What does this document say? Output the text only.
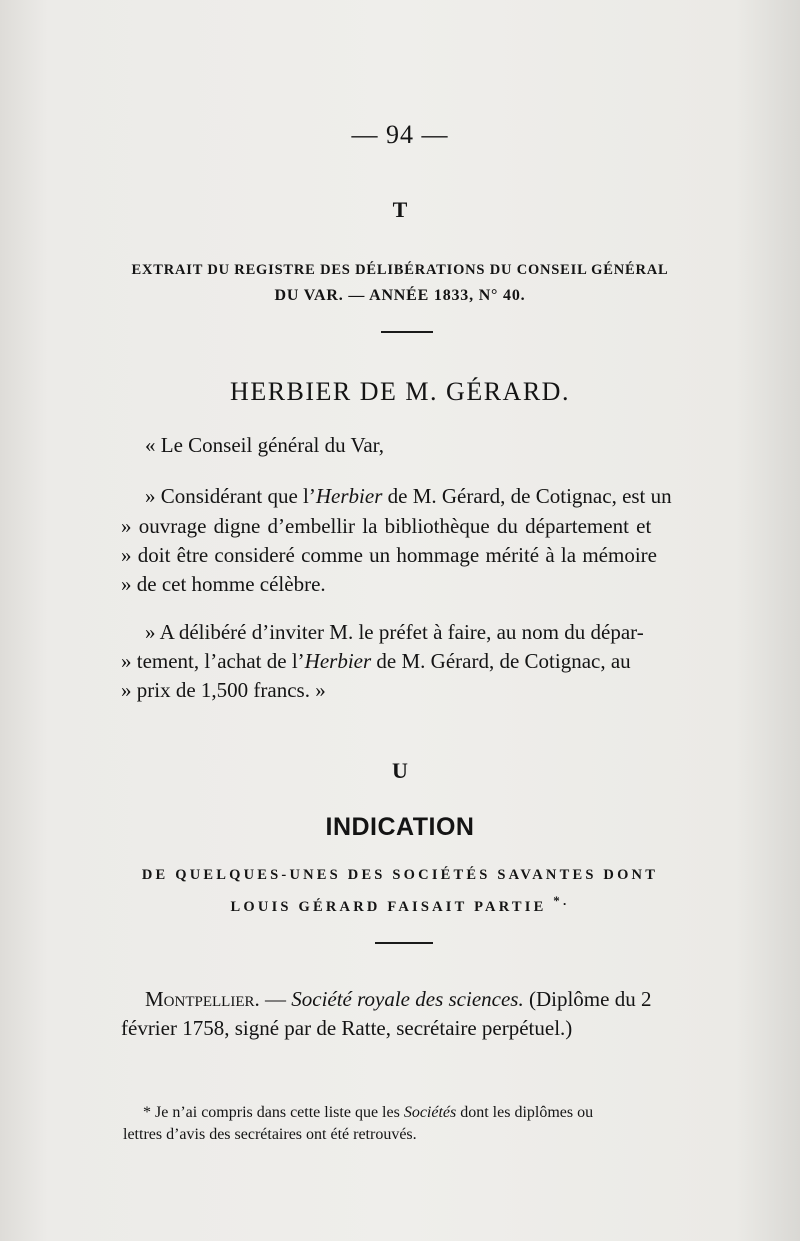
— 94 —
T
EXTRAIT DU REGISTRE DES DÉLIBÉRATIONS DU CONSEIL GÉNÉRAL
DU VAR. — ANNÉE 1833, N° 40.
HERBIER DE M. GÉRARD.
« Le Conseil général du Var,
» Considérant que l’Herbier de M. Gérard, de Cotignac, est un
» ouvrage digne d’embellir la bibliothèque du département et
» doit être consideré comme un hommage mérité à la mémoire
» de cet homme célèbre.
» A délibéré d’inviter M. le préfet à faire, au nom du dépar-
» tement, l’achat de l’Herbier de M. Gérard, de Cotignac, au
» prix de 1,500 francs. »
U
INDICATION
DE QUELQUES-UNES DES SOCIÉTÉS SAVANTES DONT
LOUIS GÉRARD FAISAIT PARTIE *.
Montpellier. — Société royale des sciences. (Diplôme du 2
février 1758, signé par de Ratte, secrétaire perpétuel.)
* Je n’ai compris dans cette liste que les Sociétés dont les diplômes ou
lettres d’avis des secrétaires ont été retrouvés.
